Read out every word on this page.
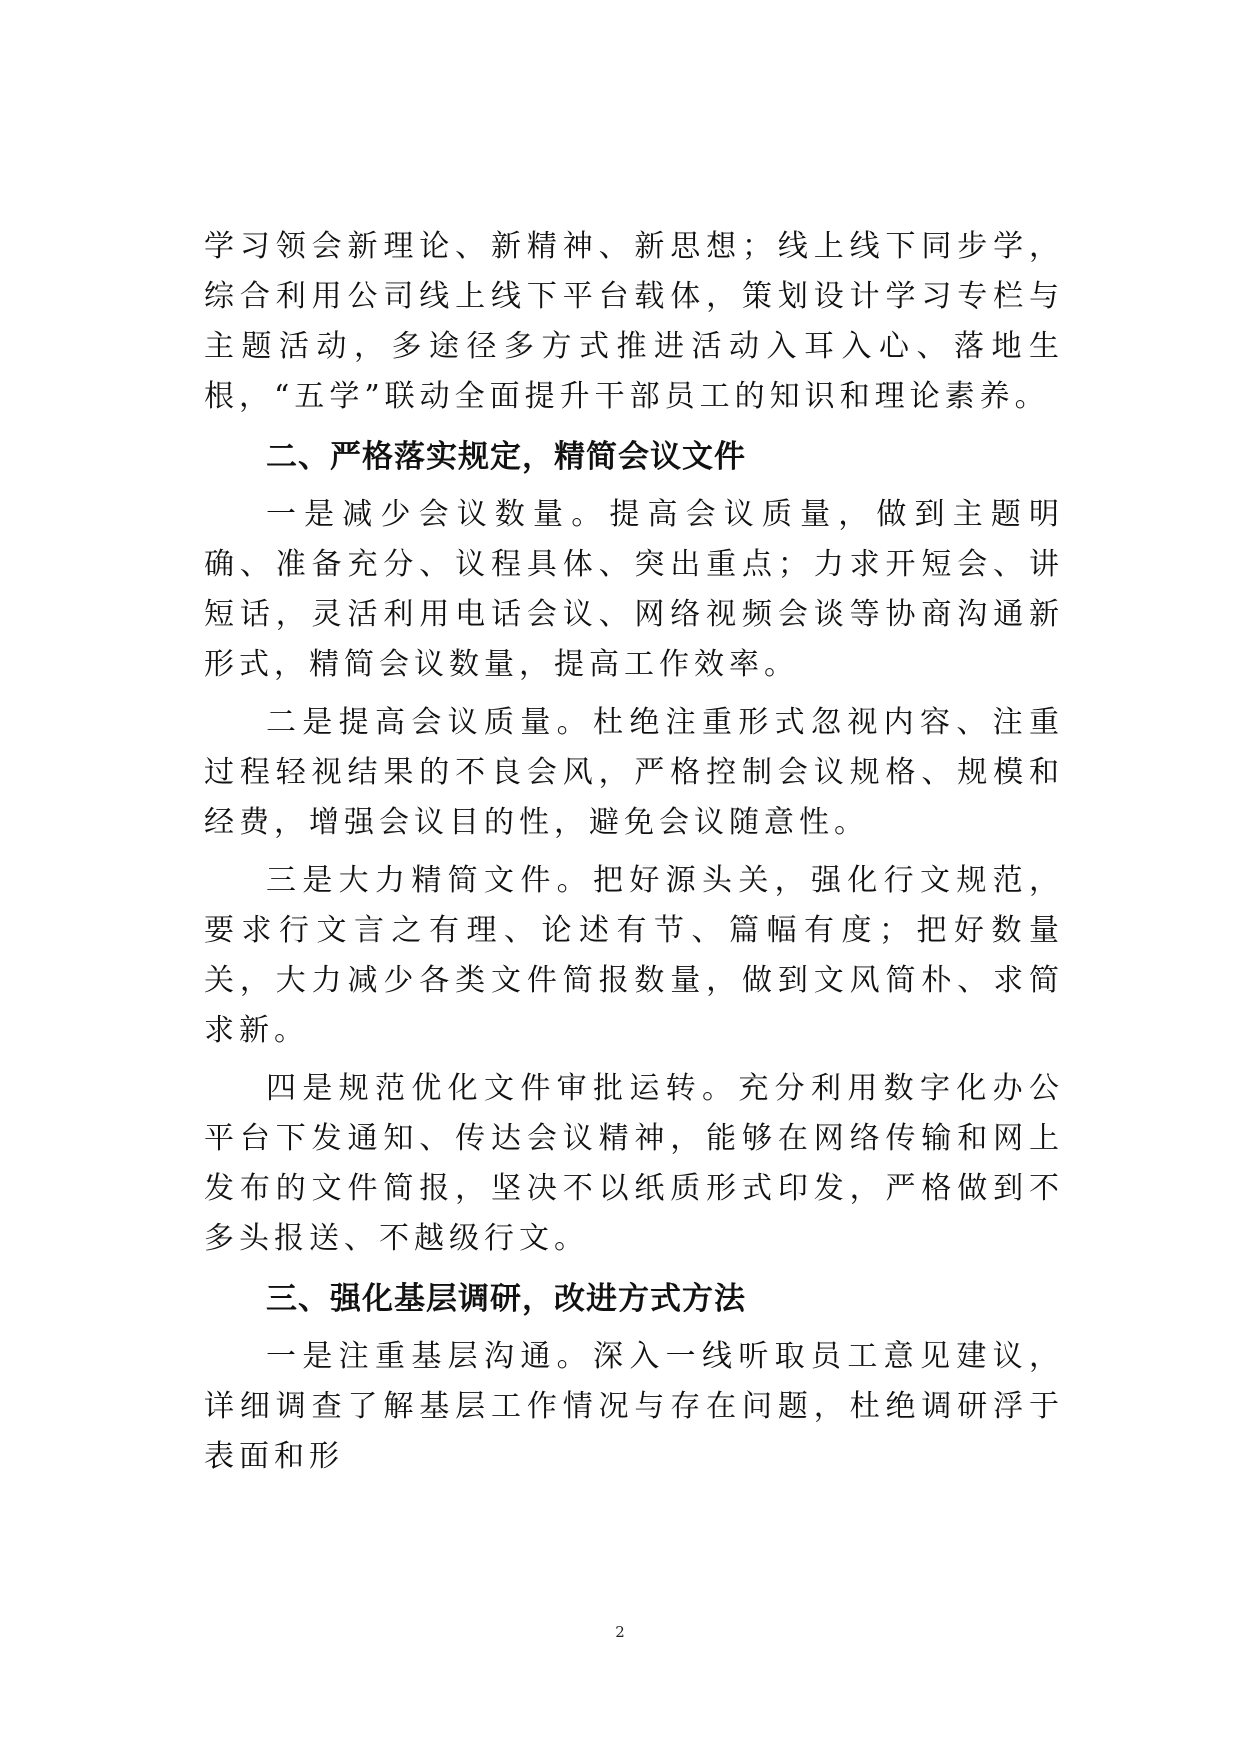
学习领会新理论、新精神、新思想；线上线下同步学，综合利用公司线上线下平台载体，策划设计学习专栏与主题活动，多途径多方式推进活动入耳入心、落地生根，“五学”联动全面提升干部员工的知识和理论素养。

二、严格落实规定，精简会议文件

一是减少会议数量。提高会议质量，做到主题明确、准备充分、议程具体、突出重点；力求开短会、讲短话，灵活利用电话会议、网络视频会谈等协商沟通新形式，精简会议数量，提高工作效率。

二是提高会议质量。杜绝注重形式忽视内容、注重过程轻视结果的不良会风，严格控制会议规格、规模和经费，增强会议目的性，避免会议随意性。

三是大力精简文件。把好源头关，强化行文规范，要求行文言之有理、论述有节、篇幅有度；把好数量关，大力减少各类文件简报数量，做到文风简朴、求简求新。

四是规范优化文件审批运转。充分利用数字化办公平台下发通知、传达会议精神，能够在网络传输和网上发布的文件简报，坚决不以纸质形式印发，严格做到不多头报送、不越级行文。

三、强化基层调研，改进方式方法

一是注重基层沟通。深入一线听取员工意见建议，详细调查了解基层工作情况与存在问题，杜绝调研浮于表面和形

2
